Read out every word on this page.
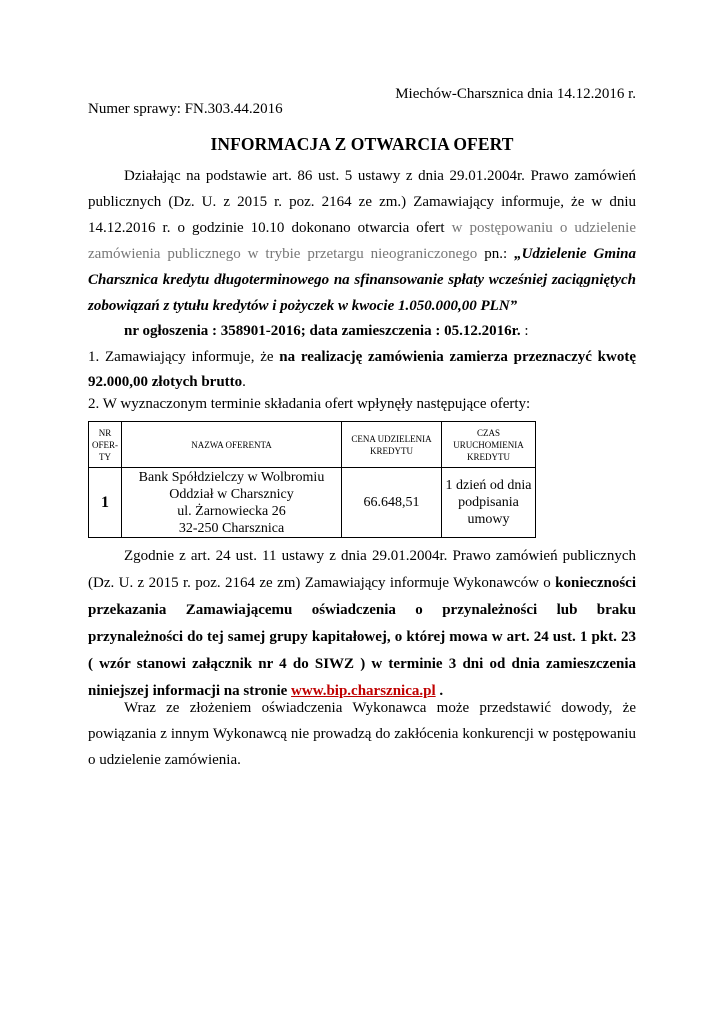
Miechów-Charsznica dnia 14.12.2016 r.
Numer sprawy: FN.303.44.2016
INFORMACJA Z OTWARCIA OFERT
Działając na podstawie art. 86 ust. 5 ustawy z dnia 29.01.2004r. Prawo zamówień publicznych (Dz. U. z 2015 r. poz. 2164 ze zm.) Zamawiający informuje, że w dniu 14.12.2016 r. o godzinie 10.10 dokonano otwarcia ofert w postępowaniu o udzielenie zamówienia publicznego w trybie przetargu nieograniczonego pn.: „Udzielenie Gmina Charsznica kredytu długoterminowego na sfinansowanie spłaty wcześniej zaciągniętych zobowiązań z tytułu kredytów i pożyczek w kwocie 1.050.000,00 PLN”
nr ogłoszenia : 358901-2016; data zamieszczenia : 05.12.2016r. :
1. Zamawiający informuje, że na realizację zamówienia zamierza przeznaczyć kwotę 92.000,00 złotych brutto.
2. W wyznaczonym terminie składania ofert wpłynęły następujące oferty:
NR OFER-TY	NAZWA OFERENTA	CENA UDZIELENIA KREDYTU	CZAS URUCHOMIENIA KREDYTU
1	Bank Spółdzielczy w Wolbromiu
Oddział w Charsznicy
ul. Żarnowiecka 26
32-250 Charsznica	66.648,51	1 dzień od dnia podpisania umowy
Zgodnie z art. 24 ust. 11 ustawy z dnia 29.01.2004r. Prawo zamówień publicznych (Dz. U. z 2015 r. poz. 2164 ze zm) Zamawiający informuje Wykonawców o konieczności przekazania Zamawiającemu oświadczenia o przynależności lub braku przynależności do tej samej grupy kapitałowej, o której mowa w art. 24 ust. 1 pkt. 23 ( wzór stanowi załącznik nr 4 do SIWZ ) w terminie 3 dni od dnia zamieszczenia niniejszej informacji na stronie www.bip.charsznica.pl .
Wraz ze złożeniem oświadczenia Wykonawca może przedstawić dowody, że powiązania z innym Wykonawcą nie prowadzą do zakłócenia konkurencji w postępowaniu o udzielenie zamówienia.
